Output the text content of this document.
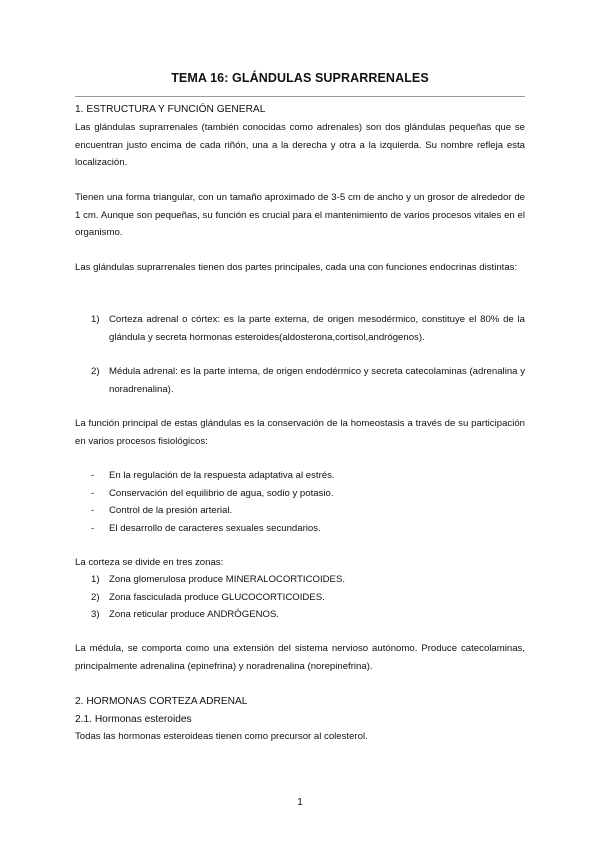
TEMA 16: GLÁNDULAS SUPRARRENALES
1. ESTRUCTURA Y FUNCIÓN GENERAL
Las glándulas suprarrenales (también conocidas como adrenales) son dos glándulas pequeñas que se encuentran justo encima de cada riñón, una a la derecha y otra a la izquierda. Su nombre refleja esta localización.
Tienen una forma triangular, con un tamaño aproximado de 3-5 cm de ancho y un grosor de alrededor de 1 cm. Aunque son pequeñas, su función es crucial para el mantenimiento de varios procesos vitales en el organismo.
Las glándulas suprarrenales tienen dos partes principales, cada una con funciones endocrinas distintas:
1) Corteza adrenal o córtex: es la parte externa, de origen mesodérmico, constituye el 80% de la glándula y secreta hormonas esteroides(aldosterona,cortisol,andrógenos).
2) Médula adrenal: es la parte interna, de origen endodérmico y secreta catecolaminas (adrenalina y noradrenalina).
La función principal de estas glándulas es la conservación de la homeostasis a través de su participación en varios procesos fisiológicos:
- En la regulación de la respuesta adaptativa al estrés.
- Conservación del equilibrio de agua, sodio y potasio.
- Control de la presión arterial.
- El desarrollo de caracteres sexuales secundarios.
La corteza se divide en tres zonas:
1) Zona glomerulosa produce MINERALOCORTICOIDES.
2) Zona fasciculada produce GLUCOCORTICOIDES.
3) Zona reticular produce ANDRÓGENOS.
La médula, se comporta como una extensión del sistema nervioso autónomo. Produce catecolaminas, principalmente adrenalina (epinefrina) y noradrenalina (norepinefrina).
2. HORMONAS CORTEZA ADRENAL
2.1. Hormonas esteroides
Todas las hormonas esteroideas tienen como precursor al colesterol.
1
